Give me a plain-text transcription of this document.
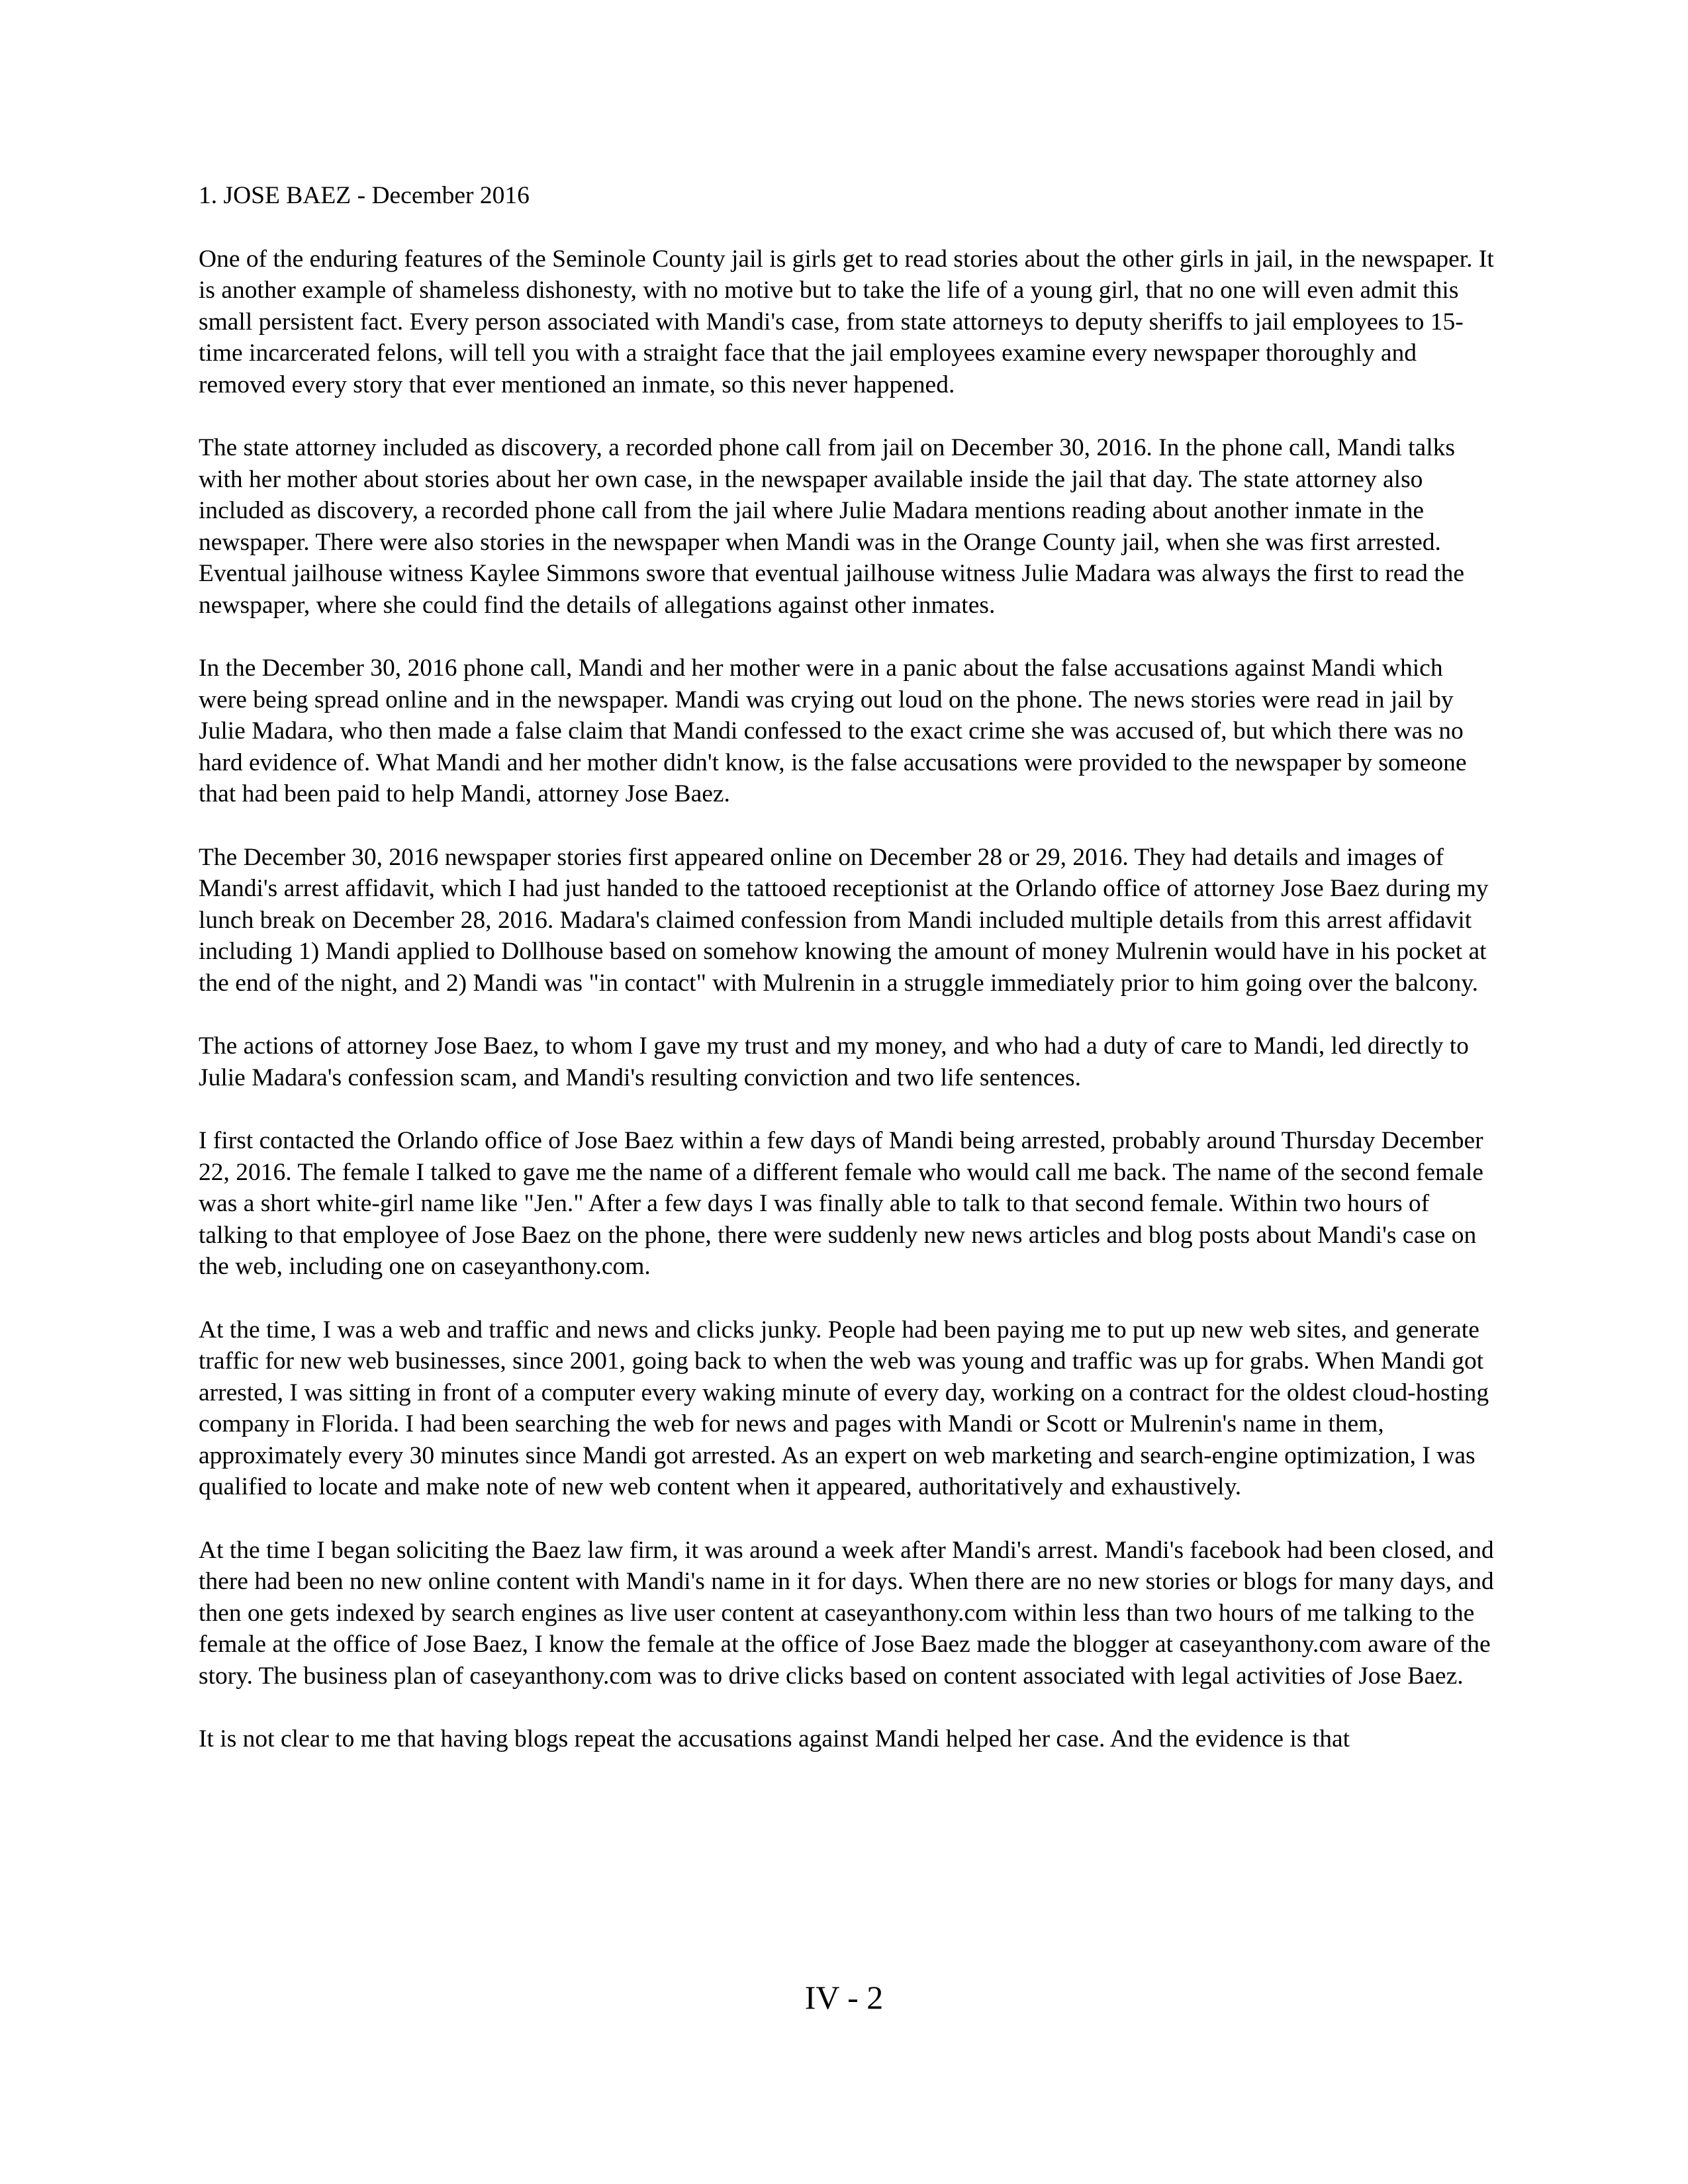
1. JOSE BAEZ - December 2016

One of the enduring features of the Seminole County jail is girls get to read stories about the other girls in jail, in the newspaper. It is another example of shameless dishonesty, with no motive but to take the life of a young girl, that no one will even admit this small persistent fact. Every person associated with Mandi's case, from state attorneys to deputy sheriffs to jail employees to 15-time incarcerated felons, will tell you with a straight face that the jail employees examine every newspaper thoroughly and removed every story that ever mentioned an inmate, so this never happened.

The state attorney included as discovery, a recorded phone call from jail on December 30, 2016. In the phone call, Mandi talks with her mother about stories about her own case, in the newspaper available inside the jail that day. The state attorney also included as discovery, a recorded phone call from the jail where Julie Madara mentions reading about another inmate in the newspaper. There were also stories in the newspaper when Mandi was in the Orange County jail, when she was first arrested. Eventual jailhouse witness Kaylee Simmons swore that eventual jailhouse witness Julie Madara was always the first to read the newspaper, where she could find the details of allegations against other inmates.

In the December 30, 2016 phone call, Mandi and her mother were in a panic about the false accusations against Mandi which were being spread online and in the newspaper. Mandi was crying out loud on the phone. The news stories were read in jail by Julie Madara, who then made a false claim that Mandi confessed to the exact crime she was accused of, but which there was no hard evidence of. What Mandi and her mother didn't know, is the false accusations were provided to the newspaper by someone that had been paid to help Mandi, attorney Jose Baez.

The December 30, 2016 newspaper stories first appeared online on December 28 or 29, 2016. They had details and images of Mandi's arrest affidavit, which I had just handed to the tattooed receptionist at the Orlando office of attorney Jose Baez during my lunch break on December 28, 2016. Madara's claimed confession from Mandi included multiple details from this arrest affidavit including 1) Mandi applied to Dollhouse based on somehow knowing the amount of money Mulrenin would have in his pocket at the end of the night, and 2) Mandi was "in contact" with Mulrenin in a struggle immediately prior to him going over the balcony.

The actions of attorney Jose Baez, to whom I gave my trust and my money, and who had a duty of care to Mandi, led directly to Julie Madara's confession scam, and Mandi's resulting conviction and two life sentences.

I first contacted the Orlando office of Jose Baez within a few days of Mandi being arrested, probably around Thursday December 22, 2016. The female I talked to gave me the name of a different female who would call me back. The name of the second female was a short white-girl name like "Jen." After a few days I was finally able to talk to that second female. Within two hours of talking to that employee of Jose Baez on the phone, there were suddenly new news articles and blog posts about Mandi's case on the web, including one on caseyanthony.com.

At the time, I was a web and traffic and news and clicks junky. People had been paying me to put up new web sites, and generate traffic for new web businesses, since 2001, going back to when the web was young and traffic was up for grabs. When Mandi got arrested, I was sitting in front of a computer every waking minute of every day, working on a contract for the oldest cloud-hosting company in Florida. I had been searching the web for news and pages with Mandi or Scott or Mulrenin's name in them, approximately every 30 minutes since Mandi got arrested. As an expert on web marketing and search-engine optimization, I was qualified to locate and make note of new web content when it appeared, authoritatively and exhaustively.

At the time I began soliciting the Baez law firm, it was around a week after Mandi's arrest. Mandi's facebook had been closed, and there had been no new online content with Mandi's name in it for days. When there are no new stories or blogs for many days, and then one gets indexed by search engines as live user content at caseyanthony.com within less than two hours of me talking to the female at the office of Jose Baez, I know the female at the office of Jose Baez made the blogger at caseyanthony.com aware of the story. The business plan of caseyanthony.com was to drive clicks based on content associated with legal activities of Jose Baez.

It is not clear to me that having blogs repeat the accusations against Mandi helped her case. And the evidence is that

IV - 2
